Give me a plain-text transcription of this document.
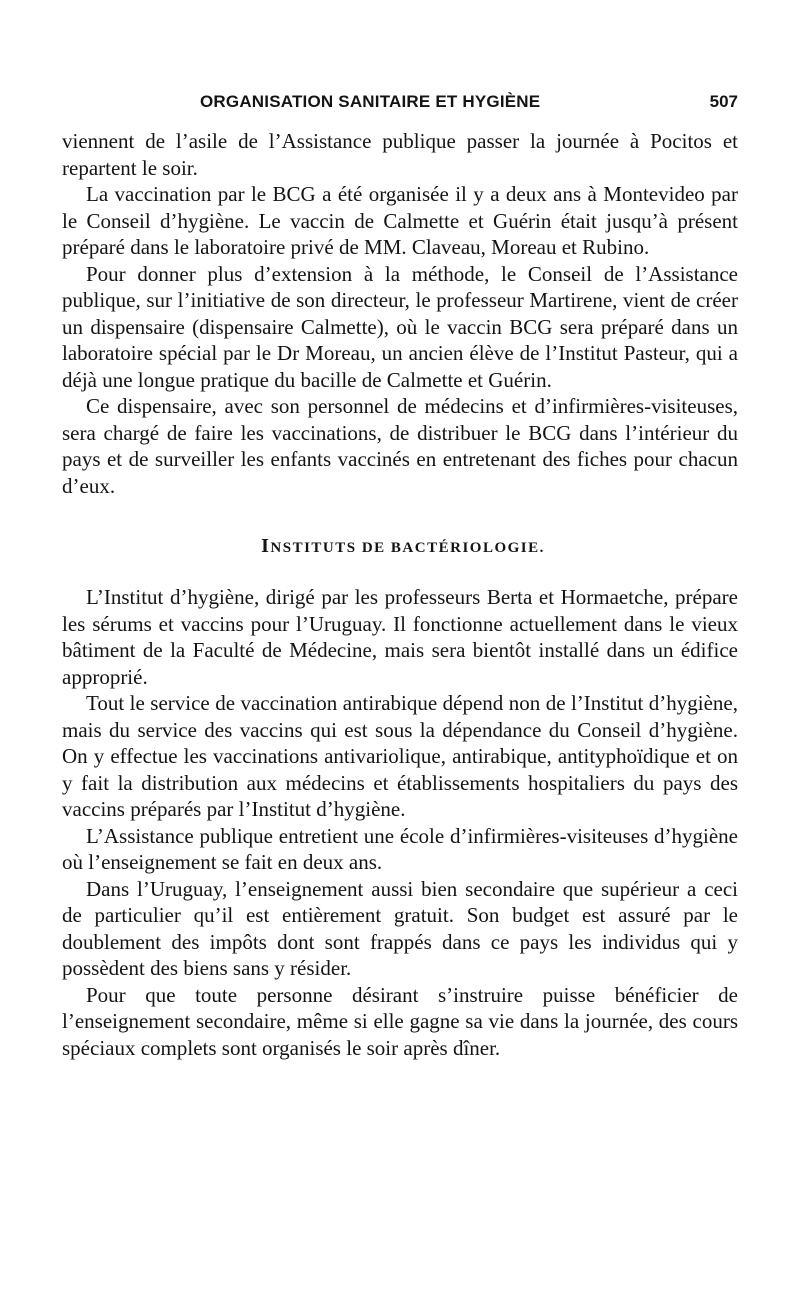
ORGANISATION SANITAIRE ET HYGIÈNE	507

viennent de l’asile de l’Assistance publique passer la journée à Pocitos et repartent le soir.

La vaccination par le BCG a été organisée il y a deux ans à Montevideo par le Conseil d’hygiène. Le vaccin de Calmette et Guérin était jusqu’à présent préparé dans le laboratoire privé de MM. Claveau, Moreau et Rubino.

Pour donner plus d’extension à la méthode, le Conseil de l’Assistance publique, sur l’initiative de son directeur, le professeur Martirene, vient de créer un dispensaire (dispensaire Calmette), où le vaccin BCG sera préparé dans un laboratoire spécial par le Dr Moreau, un ancien élève de l’Institut Pasteur, qui a déjà une longue pratique du bacille de Calmette et Guérin.

Ce dispensaire, avec son personnel de médecins et d’infirmières-visiteuses, sera chargé de faire les vaccinations, de distribuer le BCG dans l’intérieur du pays et de surveiller les enfants vaccinés en entretenant des fiches pour chacun d’eux.

INSTITUTS DE BACTÉRIOLOGIE.

L’Institut d’hygiène, dirigé par les professeurs Berta et Hormaetche, prépare les sérums et vaccins pour l’Uruguay. Il fonctionne actuellement dans le vieux bâtiment de la Faculté de Médecine, mais sera bientôt installé dans un édifice approprié.

Tout le service de vaccination antirabique dépend non de l’Institut d’hygiène, mais du service des vaccins qui est sous la dépendance du Conseil d’hygiène. On y effectue les vaccinations antivariolique, antirabique, antityphoïdique et on y fait la distribution aux médecins et établissements hospitaliers du pays des vaccins préparés par l’Institut d’hygiène.

L’Assistance publique entretient une école d’infirmières-visiteuses d’hygiène où l’enseignement se fait en deux ans.

Dans l’Uruguay, l’enseignement aussi bien secondaire que supérieur a ceci de particulier qu’il est entièrement gratuit. Son budget est assuré par le doublement des impôts dont sont frappés dans ce pays les individus qui y possèdent des biens sans y résider.

Pour que toute personne désirant s’instruire puisse bénéficier de l’enseignement secondaire, même si elle gagne sa vie dans la journée, des cours spéciaux complets sont organisés le soir après dîner.
